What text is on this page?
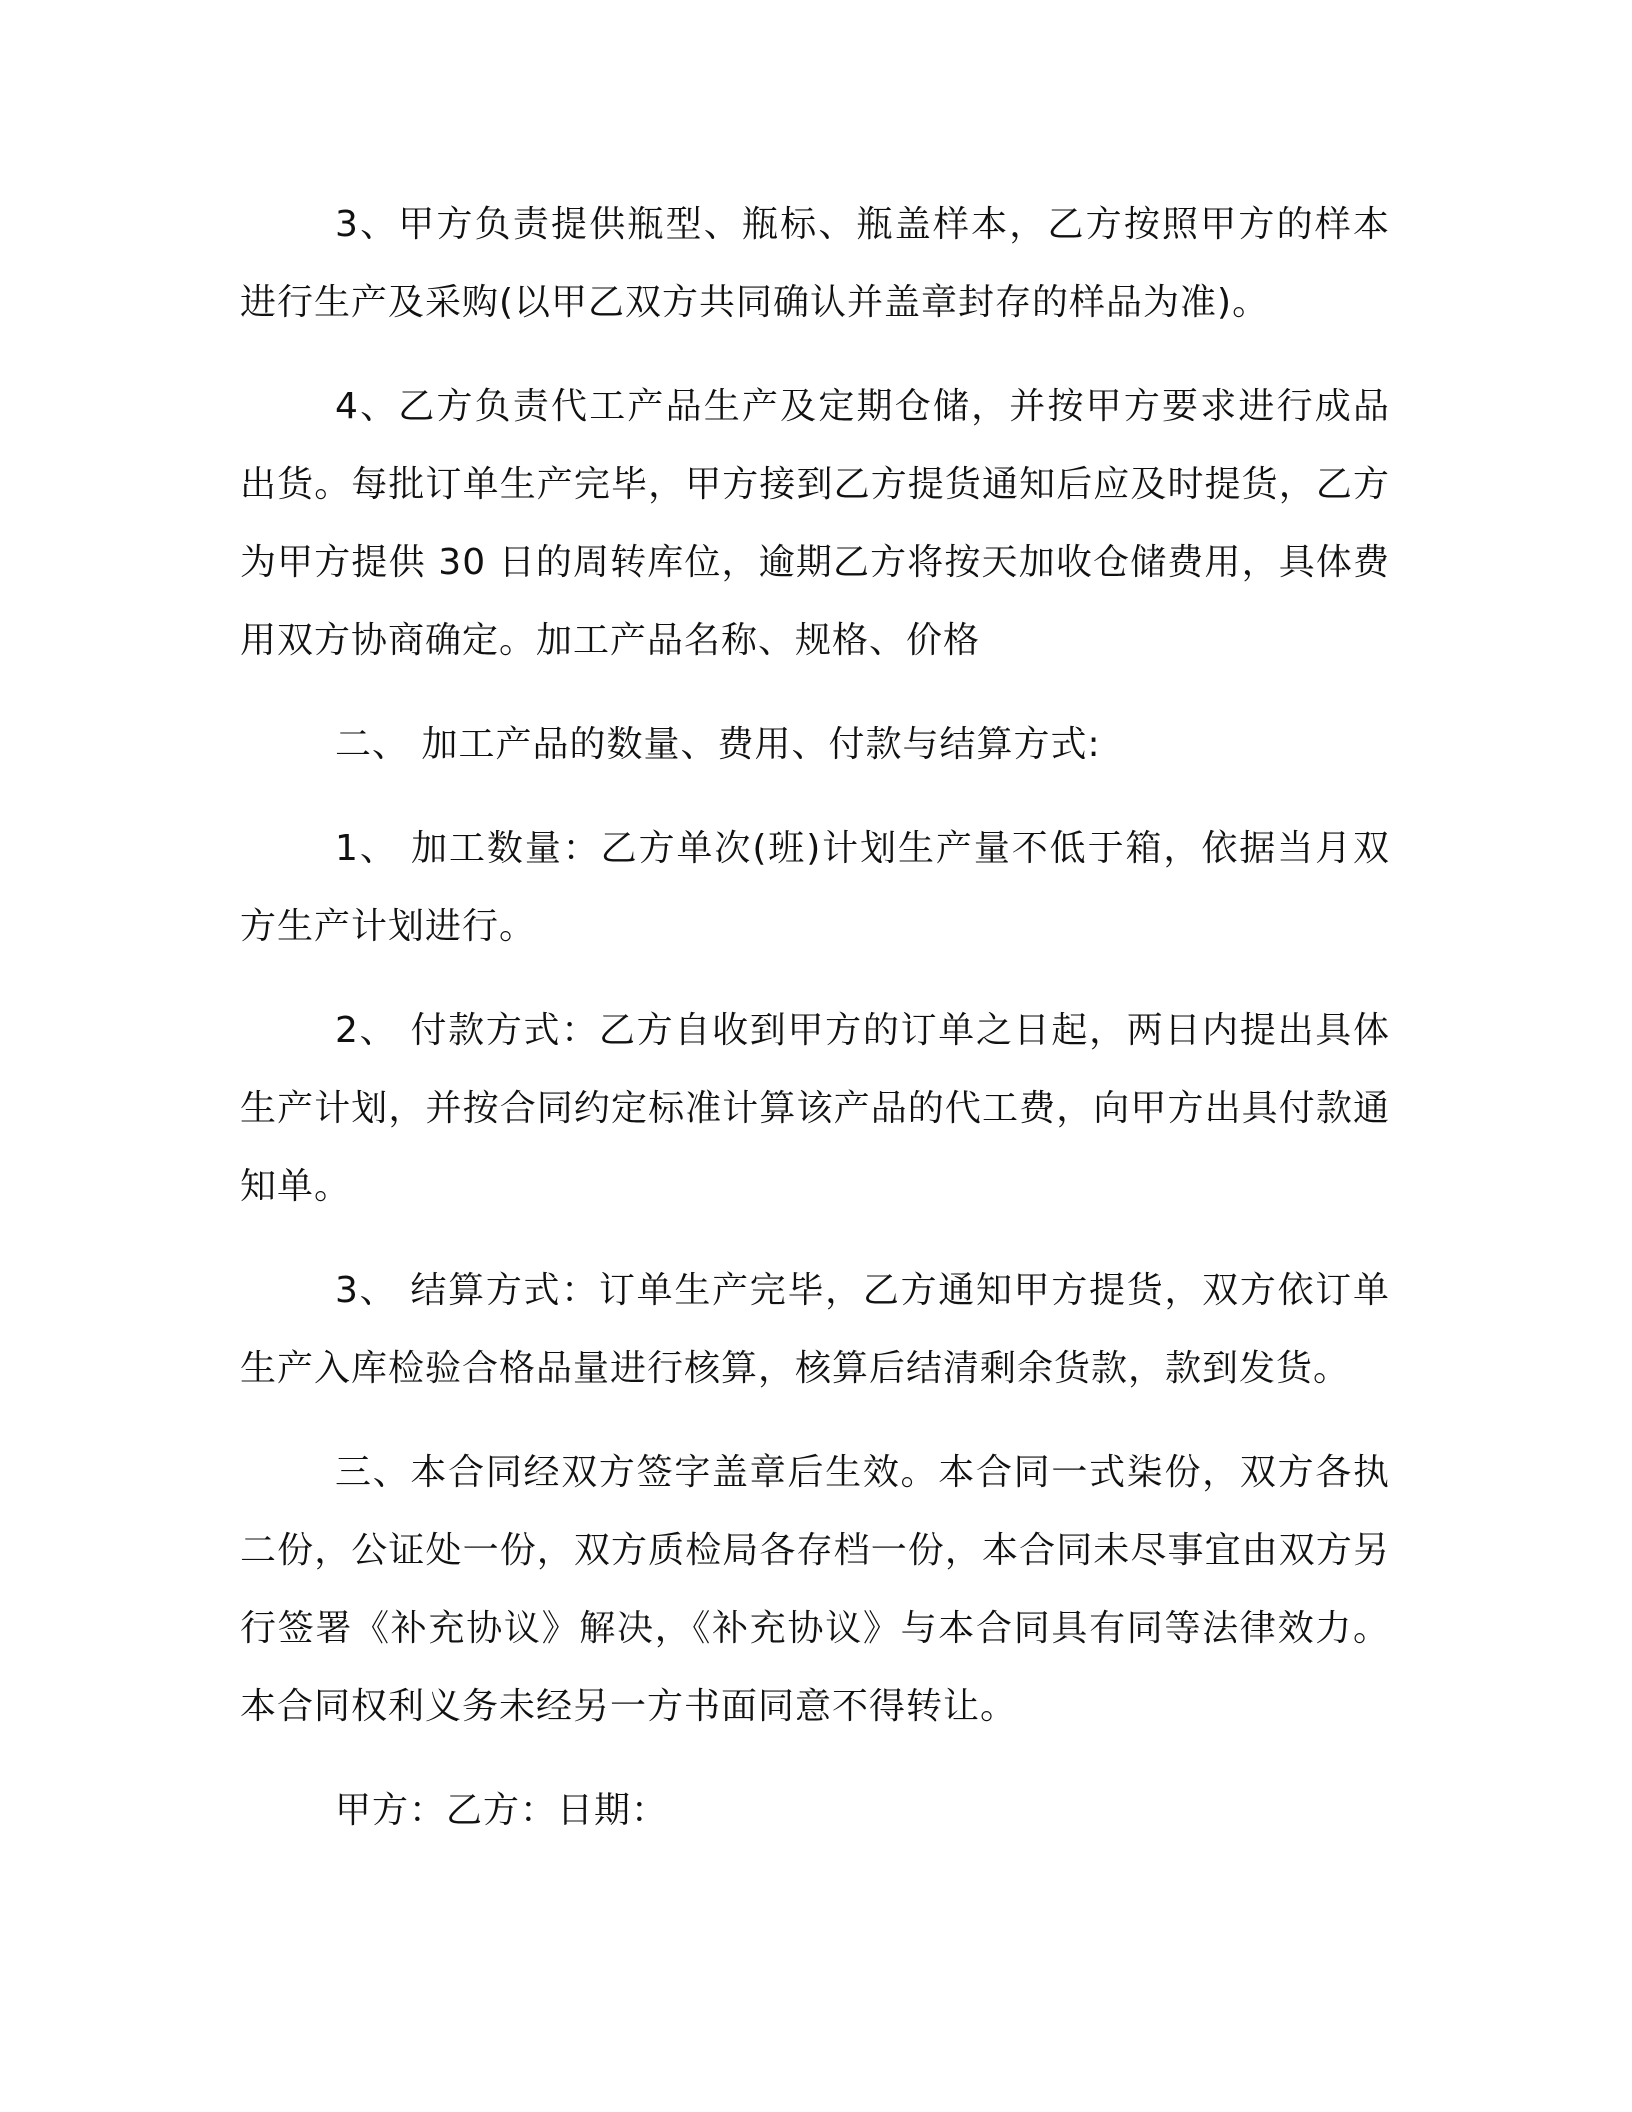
3、甲方负责提供瓶型、瓶标、瓶盖样本，乙方按照甲方的样本进行生产及采购(以甲乙双方共同确认并盖章封存的样品为准)。

4、乙方负责代工产品生产及定期仓储，并按甲方要求进行成品出货。每批订单生产完毕，甲方接到乙方提货通知后应及时提货，乙方为甲方提供 30 日的周转库位，逾期乙方将按天加收仓储费用，具体费用双方协商确定。加工产品名称、规格、价格

二、 加工产品的数量、费用、付款与结算方式:

1、 加工数量：乙方单次(班)计划生产量不低于箱，依据当月双方生产计划进行。

2、 付款方式：乙方自收到甲方的订单之日起，两日内提出具体生产计划，并按合同约定标准计算该产品的代工费，向甲方出具付款通知单。

3、 结算方式：订单生产完毕，乙方通知甲方提货，双方依订单生产入库检验合格品量进行核算，核算后结清剩余货款，款到发货。

三、本合同经双方签字盖章后生效。本合同一式柒份，双方各执二份，公证处一份，双方质检局各存档一份，本合同未尽事宜由双方另行签署《补充协议》解决，《补充协议》与本合同具有同等法律效力。本合同权利义务未经另一方书面同意不得转让。

甲方：乙方：日期：
